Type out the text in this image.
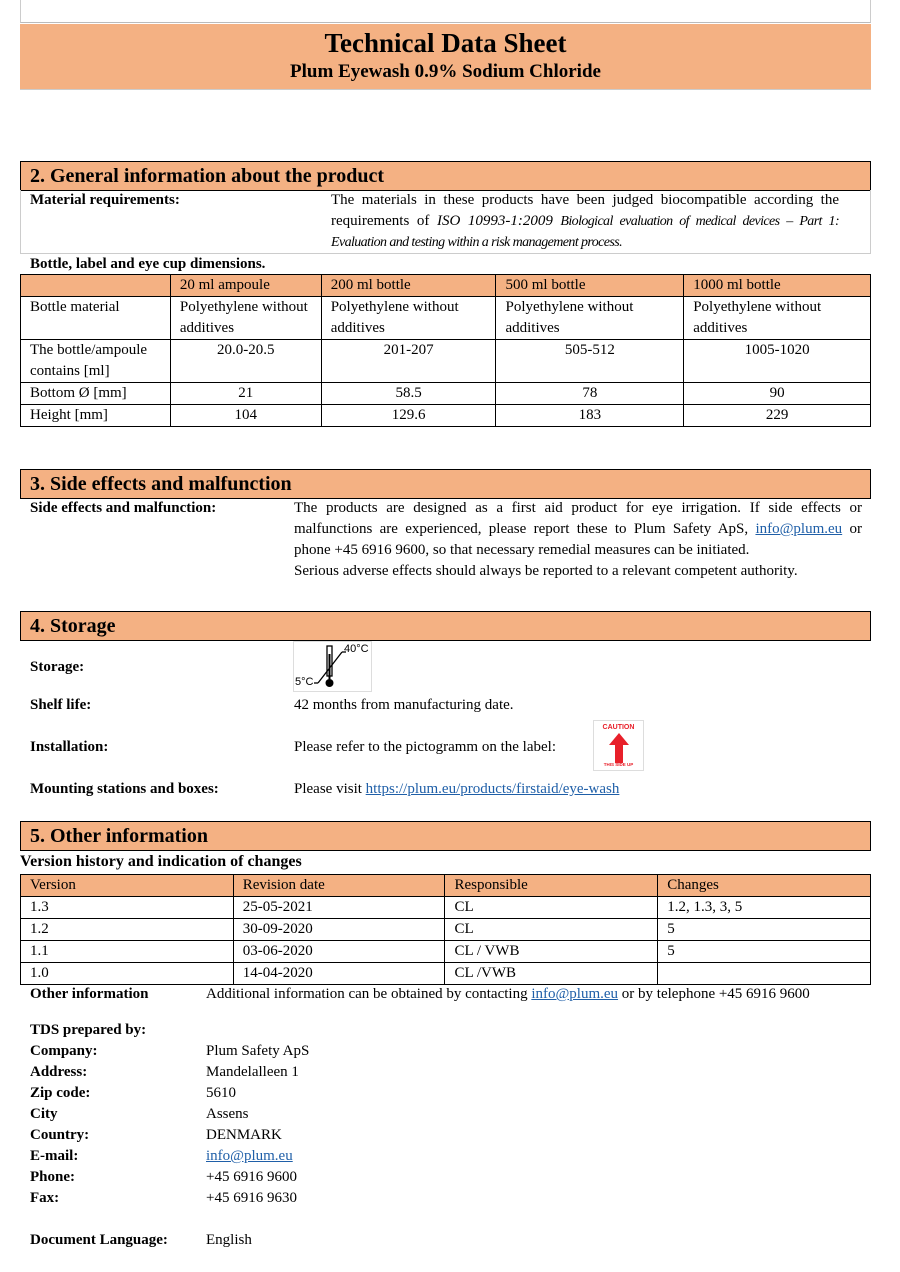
Technical Data Sheet
Plum Eyewash 0.9% Sodium Chloride
2. General information about the product
Material requirements:	The materials in these products have been judged biocompatible according the requirements of ISO 10993-1:2009 Biological evaluation of medical devices – Part 1: Evaluation and testing within a risk management process.
Bottle, label and eye cup dimensions.
	20 ml ampoule	200 ml bottle	500 ml bottle	1000 ml bottle
Bottle material	Polyethylene without additives	Polyethylene without additives	Polyethylene without additives	Polyethylene without additives
The bottle/ampoule contains [ml]	20.0-20.5	201-207	505-512	1005-1020
Bottom Ø [mm]	21	58.5	78	90
Height [mm]	104	129.6	183	229
3. Side effects and malfunction
Side effects and malfunction:	The products are designed as a first aid product for eye irrigation. If side effects or malfunctions are experienced, please report these to Plum Safety ApS, info@plum.eu or phone +45 6916 9600, so that necessary remedial measures can be initiated.
Serious adverse effects should always be reported to a relevant competent authority.
4. Storage
Storage:
40°C
5°C
Shelf life:	42 months from manufacturing date.
Installation:	Please refer to the pictogramm on the label:
CAUTION
THIS SIDE UP
Mounting stations and boxes:	Please visit https://plum.eu/products/firstaid/eye-wash
5. Other information
Version history and indication of changes
Version	Revision date	Responsible	Changes
1.3	25-05-2021	CL	1.2, 1.3, 3, 5
1.2	30-09-2020	CL	5
1.1	03-06-2020	CL / VWB	5
1.0	14-04-2020	CL /VWB	
Other information	Additional information can be obtained by contacting info@plum.eu or by telephone +45 6916 9600
TDS prepared by:
Company:	Plum Safety ApS
Address:	Mandelalleen 1
Zip code:	5610
City	Assens
Country:	DENMARK
E-mail:	info@plum.eu
Phone:	+45 6916 9600
Fax:	+45 6916 9630
Document Language:	English
